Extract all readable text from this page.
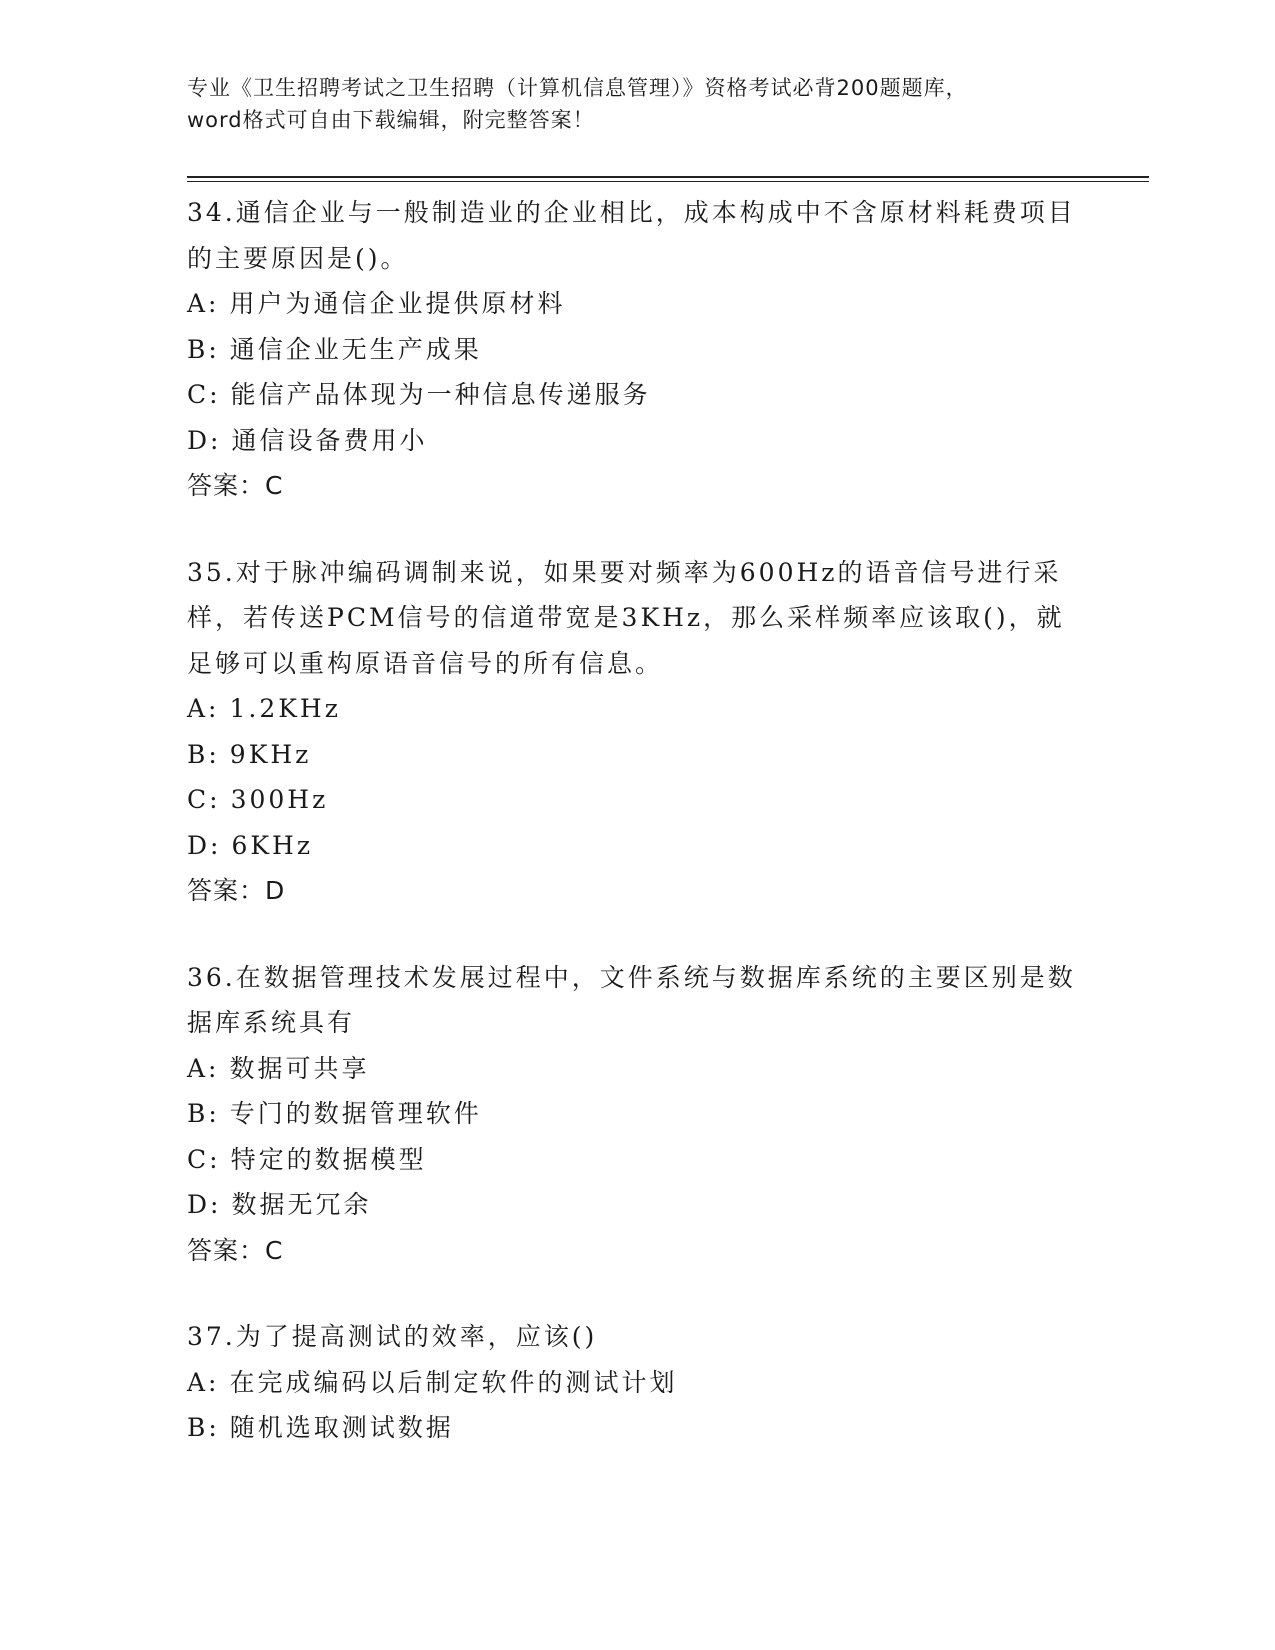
专业《卫生招聘考试之卫生招聘（计算机信息管理）》资格考试必背200题题库，
word格式可自由下载编辑，附完整答案！
34.通信企业与一般制造业的企业相比，成本构成中不含原材料耗费项目的主要原因是()。
A: 用户为通信企业提供原材料
B: 通信企业无生产成果
C: 能信产品体现为一种信息传递服务
D: 通信设备费用小
答案：C
35.对于脉冲编码调制来说，如果要对频率为600Hz的语音信号进行采样，若传送PCM信号的信道带宽是3KHz，那么采样频率应该取()，就足够可以重构原语音信号的所有信息。
A: 1.2KHz
B: 9KHz
C: 300Hz
D: 6KHz
答案：D
36.在数据管理技术发展过程中，文件系统与数据库系统的主要区别是数据库系统具有
A: 数据可共享
B: 专门的数据管理软件
C: 特定的数据模型
D: 数据无冗余
答案：C
37.为了提高测试的效率，应该()
A: 在完成编码以后制定软件的测试计划
B: 随机选取测试数据
